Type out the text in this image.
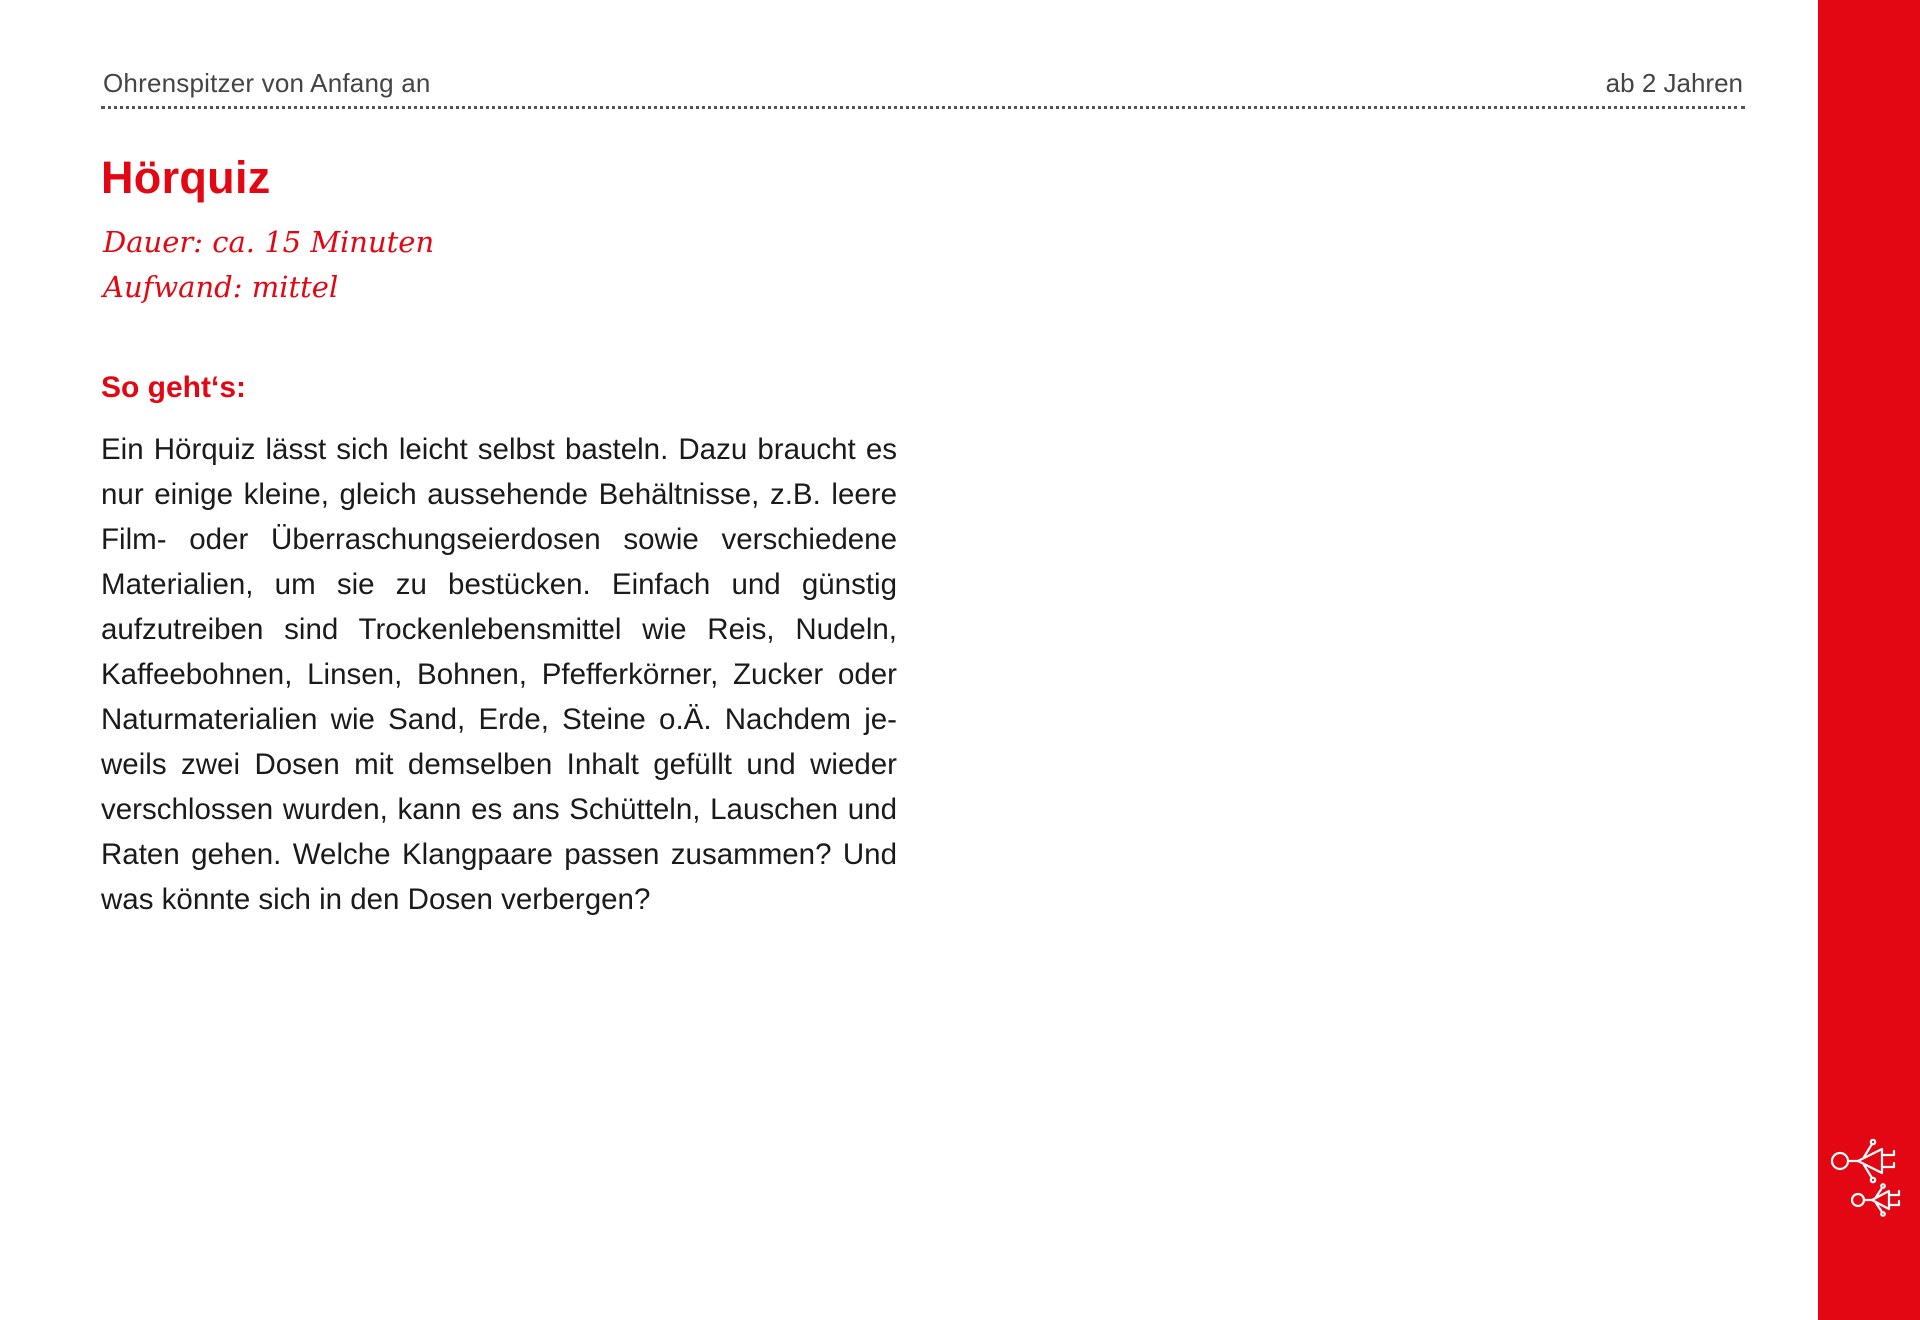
Ohrenspitzer von Anfang an	ab 2 Jahren
Hörquiz
Dauer: ca. 15 Minuten
Aufwand: mittel
So geht‘s:

Ein Hörquiz lässt sich leicht selbst basteln. Dazu braucht es nur einige kleine, gleich aussehende Behältnisse, z.B. leere Film- oder Überraschungseierdosen sowie verschiedene Materialien, um sie zu bestücken. Einfach und günstig aufzutreiben sind Trockenlebensmittel wie Reis, Nudeln, Kaffeebohnen, Linsen, Bohnen, Pfefferkörner, Zucker oder Naturmaterialien wie Sand, Erde, Steine o.Ä. Nachdem jeweils zwei Dosen mit demselben Inhalt gefüllt und wieder verschlossen wurden, kann es ans Schütteln, Lauschen und Raten gehen. Welche Klangpaare passen zusammen? Und was könnte sich in den Dosen verbergen?
